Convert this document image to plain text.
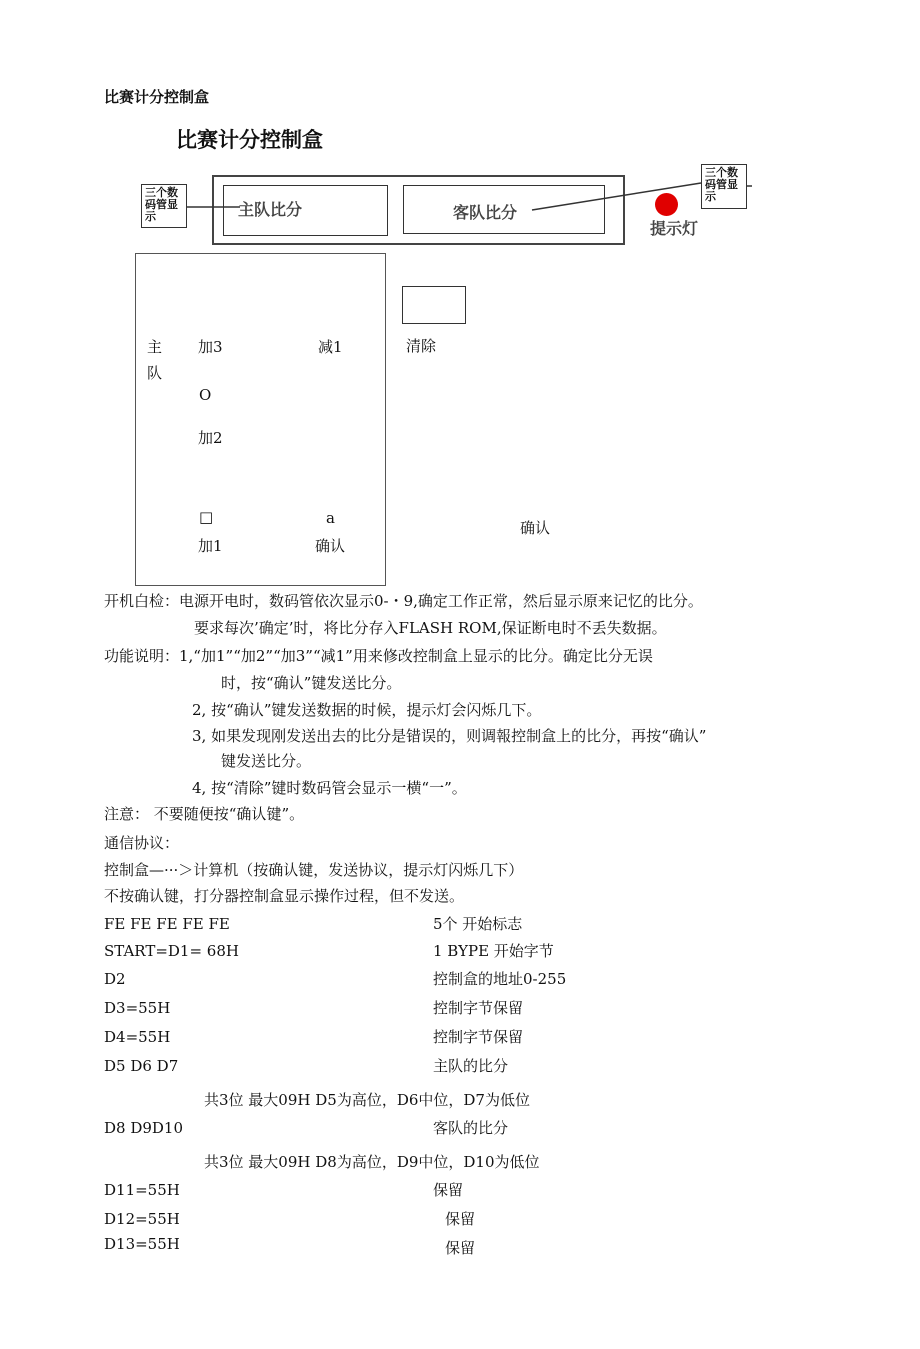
比赛计分控制盒
比赛计分控制盒
主队比分	客队比分
三个数码管显示
三个数码管显示
提示灯
主
队
加3	减1
O
加2
□	a
加1	确认
清除
确认
开机白检：电源开电时，数码管依次显示0-・9,确定工作正常，然后显示原来记忆的比分。
要求每次’确定’时，将比分存入FLASH ROM,保证断电时不丢失数据。
功能说明：1,“加1”“加2”“加3”“减1”用来修改控制盒上显示的比分。确定比分无误
时，按“确认”键发送比分。
2, 按“确认”键发送数据的时候，提示灯会闪烁几下。
3, 如果发现刚发送出去的比分是错误的，则调報控制盒上的比分，再按“确认”
键发送比分。
4, 按“清除”键时数码管会显示一横“一”。
注意： 不要随便按“确认键”。
通信协议：
控制盒—···＞计算机（按确认键，发送协议，提示灯闪烁几下）
不按确认键，打分器控制盒显示操作过程，但不发送。
FE FE FE FE FE	5个 开始标志
START=D1= 68H	1 BYPE 开始字节
D2	控制盒的地址0-255
D3=55H	控制字节保留
D4=55H	控制字节保留
D5 D6 D7	主队的比分
共3位 最大09H D5为高位，D6中位，D7为低位
D8 D9D10	客队的比分
共3位 最大09H D8为高位，D9中位，D10为低位
D11=55H	保留
D12=55H	保留
D13=55H	保留
